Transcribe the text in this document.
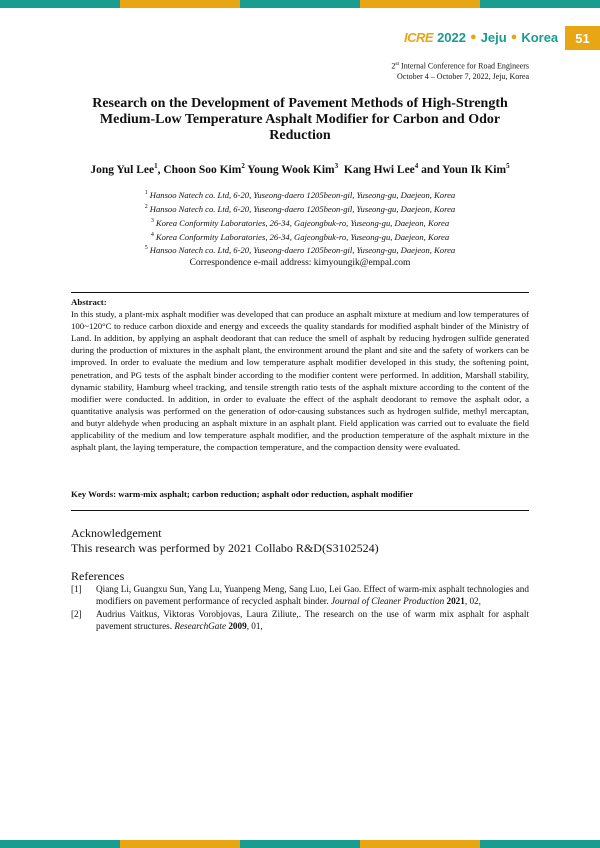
ICRE 2022 ● Jeju ● Korea	51
2st Internal Conference for Road Engineers
October 4 – October 7, 2022, Jeju, Korea
Research on the Development of Pavement Methods of High-Strength Medium-Low Temperature Asphalt Modifier for Carbon and Odor Reduction
Jong Yul Lee$^1$, Choon Soo Kim$^2$ Young Wook Kim$^3$ Kang Hwi Lee$^4$ and Youn Ik Kim$^5$
$^1$ Hansoo Natech co. Ltd, 6-20, Yuseong-daero 1205beon-gil, Yuseong-gu, Daejeon, Korea
$^2$ Hansoo Natech co. Ltd, 6-20, Yuseong-daero 1205beon-gil, Yuseong-gu, Daejeon, Korea
$^3$ Korea Conformity Laboratories, 26-34, Gajeongbuk-ro, Yuseong-gu, Daejeon, Korea
$^4$ Korea Conformity Laboratories, 26-34, Gajeongbuk-ro, Yuseong-gu, Daejeon, Korea
$^5$ Hansoo Natech co. Ltd, 6-20, Yuseong-daero 1205beon-gil, Yuseong-gu, Daejeon, Korea
Correspondence e-mail address: kimyoungik@empal.com
Abstract:
In this study, a plant-mix asphalt modifier was developed that can produce an asphalt mixture at medium and low temperatures of 100~120°C to reduce carbon dioxide and energy and exceeds the quality standards for modified asphalt binder of the Ministry of Land. In addition, by applying an asphalt deodorant that can reduce the smell of asphalt by reducing hydrogen sulfide generated during the production of mixtures in the asphalt plant, the environment around the plant and site and the safety of workers can be improved. In order to evaluate the medium and low temperature asphalt modifier developed in this study, the softening point, penetration, and PG tests of the asphalt binder according to the modifier content were performed. In addition, Marshall stability, dynamic stability, Hamburg wheel tracking, and tensile strength ratio tests of the asphalt mixture according to the content of the modifier were conducted. In addition, in order to evaluate the effect of the asphalt deodorant to remove the asphalt odor, a quantitative analysis was performed on the generation of odor-causing substances such as hydrogen sulfide, methyl mercaptan, and butyr aldehyde when producing an asphalt mixture in an asphalt plant. Field application was carried out to evaluate the field applicability of the medium and low temperature asphalt modifier, and the production temperature of the asphalt mixture in the asphalt plant, the laying temperature, the compaction temperature, and the compaction density were evaluated.
Key Words: warm-mix asphalt; carbon reduction; asphalt odor reduction, asphalt modifier
Acknowledgement
This research was performed by 2021 Collabo R&D(S3102524)
References
[1]	Qiang Li, Guangxu Sun, Yang Lu, Yuanpeng Meng, Sang Luo, Lei Gao. Effect of warm-mix asphalt technologies and modifiers on pavement performance of recycled asphalt binder. Journal of Cleaner Production 2021, 02,
[2]	Audrius Vaitkus, Viktoras Vorobjovas, Laura Ziliute,. The research on the use of warm mix asphalt for asphalt pavement structures. ResearchGate 2009, 01,
